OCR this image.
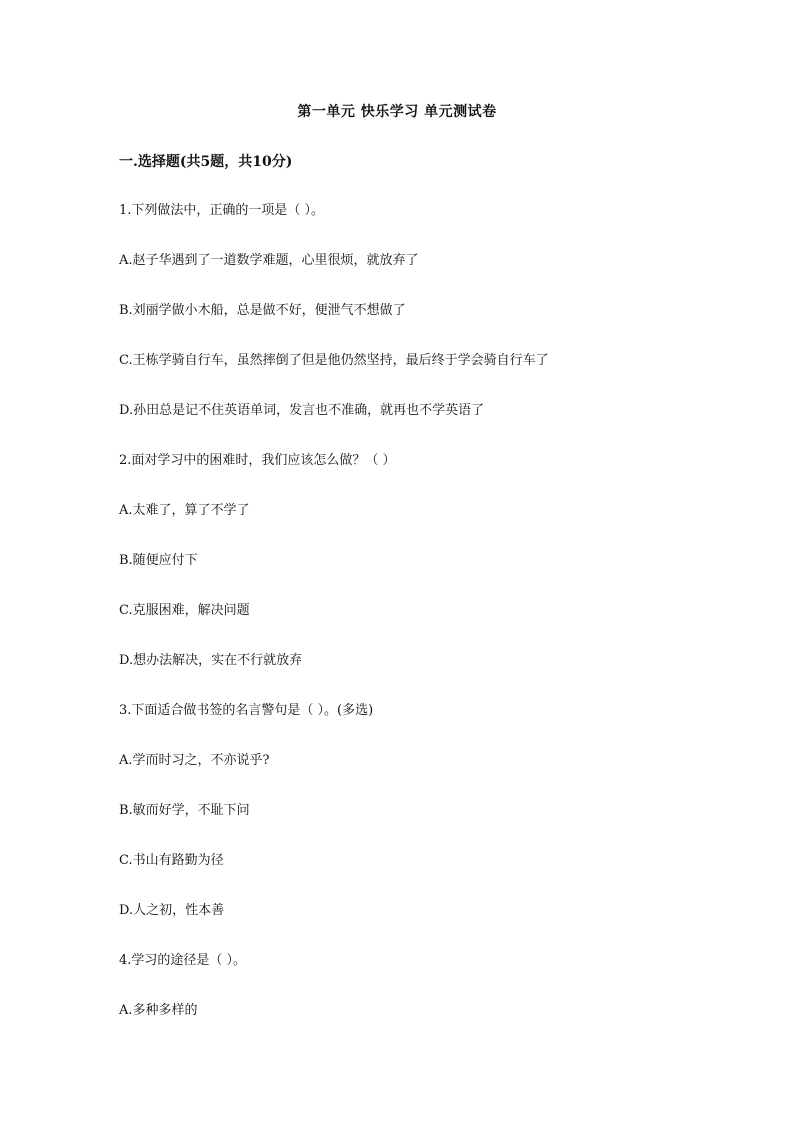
第一单元 快乐学习 单元测试卷
一.选择题(共5题，共10分)
1.下列做法中，正确的一项是（ ）。
A.赵子华遇到了一道数学难题，心里很烦，就放弃了
B.刘丽学做小木船，总是做不好，便泄气不想做了
C.王栋学骑自行车，虽然摔倒了但是他仍然坚持，最后终于学会骑自行车了
D.孙田总是记不住英语单词，发言也不准确，就再也不学英语了
2.面对学习中的困难时，我们应该怎么做？（ ）
A.太难了，算了不学了
B.随便应付下
C.克服困难，解决问题
D.想办法解决，实在不行就放弃
3.下面适合做书签的名言警句是（ ）。(多选)
A.学而时习之，不亦说乎?
B.敏而好学，不耻下问
C.书山有路勤为径
D.人之初，性本善
4.学习的途径是（ ）。
A.多种多样的
